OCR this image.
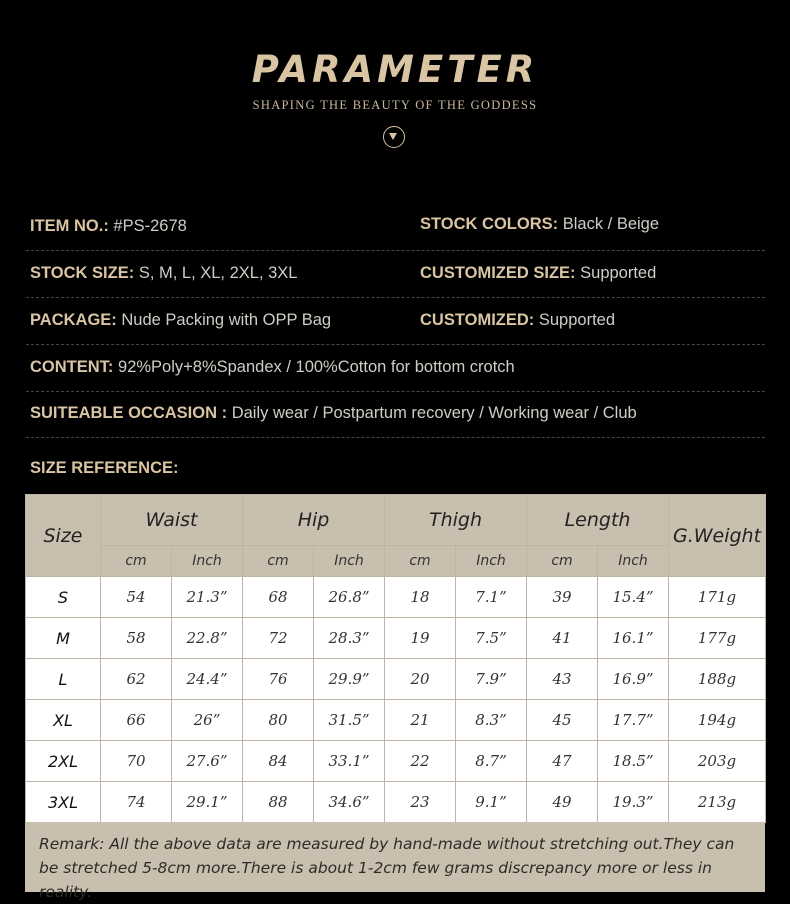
PARAMETER
SHAPING THE BEAUTY OF THE GODDESS
ITEM NO.: #PS-2678	STOCK COLORS: Black / Beige
STOCK SIZE: S, M, L, XL, 2XL, 3XL	CUSTOMIZED SIZE: Supported
PACKAGE: Nude Packing with OPP Bag	CUSTOMIZED: Supported
CONTENT: 92%Poly+8%Spandex / 100%Cotton for bottom crotch
SUITEABLE OCCASION : Daily wear / Postpartum recovery / Working wear / Club
SIZE REFERENCE:
Size	Waist		Hip		Thigh		Length		G.Weight
	cm	Inch	cm	Inch	cm	Inch	cm	Inch	
S	54	21.3”	68	26.8”	18	7.1”	39	15.4”	171g
M	58	22.8”	72	28.3”	19	7.5”	41	16.1”	177g
L	62	24.4”	76	29.9”	20	7.9”	43	16.9”	188g
XL	66	26”	80	31.5”	21	8.3”	45	17.7”	194g
2XL	70	27.6”	84	33.1”	22	8.7”	47	18.5”	203g
3XL	74	29.1”	88	34.6”	23	9.1”	49	19.3”	213g
Remark: All the above data are measured by hand-made without stretching out.They can be stretched 5-8cm more.There is about 1-2cm few grams discrepancy more or less in reality.
